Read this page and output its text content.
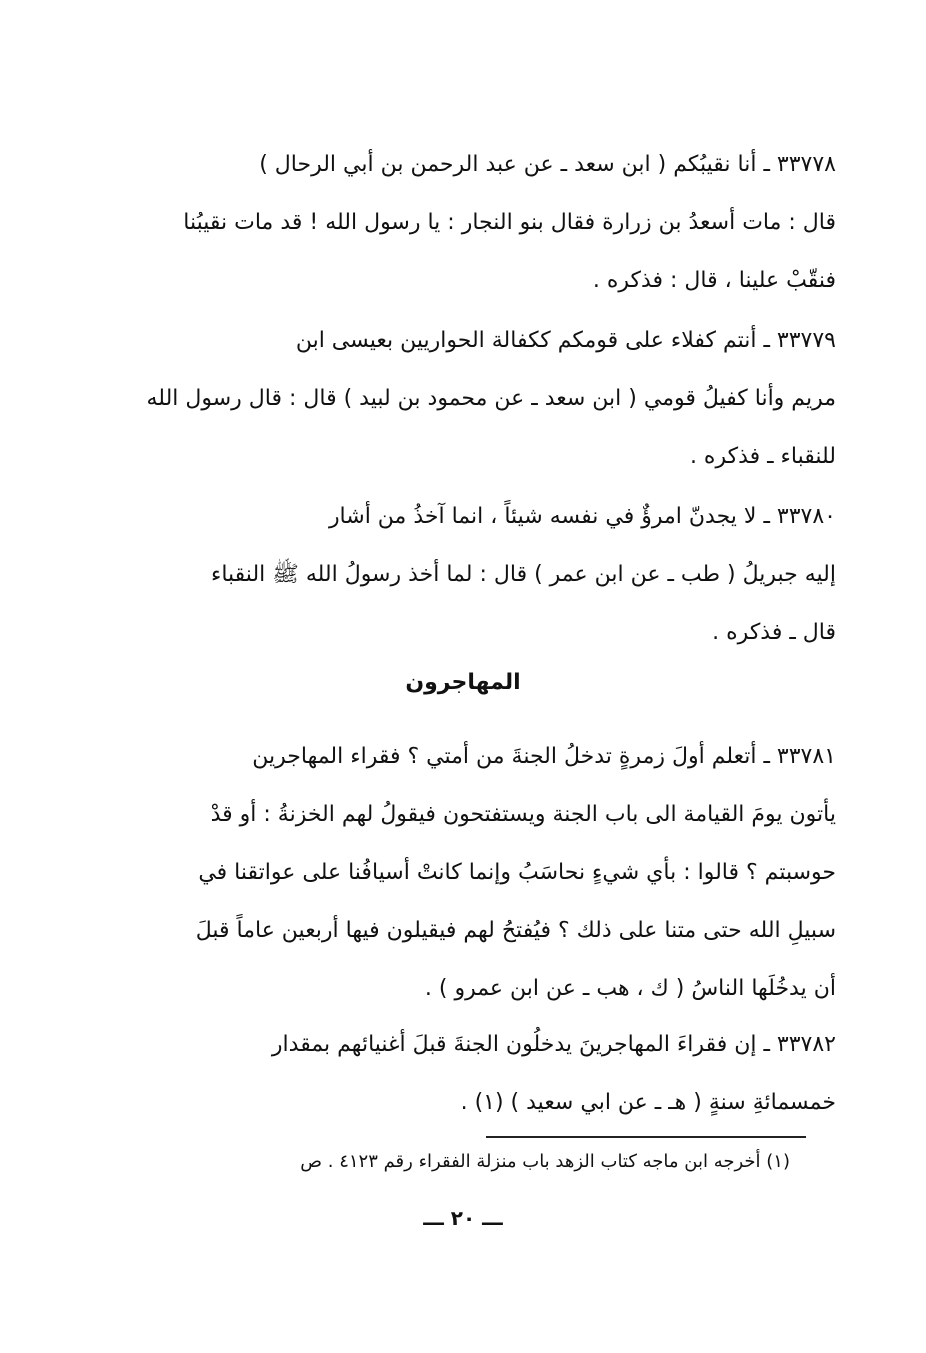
٣٣٧٧٨ ـ أنا نقيبُكم ( ابن سعد ـ عن عبد الرحمن بن أبي الرحال )
قال : مات أسعدُ بن زرارة فقال بنو النجار : يا رسول الله ! قد مات نقيبُنا
فنقّبْ علينا ، قال : فذكره .
٣٣٧٧٩ ـ أنتم كفلاء على قومكم ككفالة الحواريين بعيسى ابن
مريم وأنا كفيلُ قومي ( ابن سعد ـ عن محمود بن لبيد ) قال : قال رسول الله
للنقباء ـ فذكره .
٣٣٧٨٠ ـ لا يجدنّ امرؤٌ في نفسه شيئاً ، انما آخذُ من أشار
إليه جبريلُ ( طب ـ عن ابن عمر ) قال : لما أخذ رسولُ الله ﷺ النقباء
قال ـ فذكره .
المهاجرون
٣٣٧٨١ ـ أتعلم أولَ زمرةٍ تدخلُ الجنةَ من أمتي ؟ فقراء المهاجرين
يأتون يومَ القيامة الى باب الجنة ويستفتحون فيقولُ لهم الخزنةُ : أو قدْ
حوسبتم ؟ قالوا : بأي شيءٍ نحاسَبُ وإنما كانتْ أسيافُنا على عواتقنا في
سبيلِ الله حتى متنا على ذلك ؟ فيُفتحُ لهم فيقيلون فيها أربعين عاماً قبلَ
أن يدخُلَها الناسُ ( ك ، هب ـ عن ابن عمرو ) .
٣٣٧٨٢ ـ إن فقراءَ المهاجرينَ يدخلُون الجنةَ قبلَ أغنيائهم بمقدار
خمسمائةِ سنةٍ ( هـ ـ عن ابي سعيد ) (١) .
(١) أخرجه ابن ماجه كتاب الزهد باب منزلة الفقراء رقم ٤١٢٣ . ص
ـــ ٢٠ ـــ
